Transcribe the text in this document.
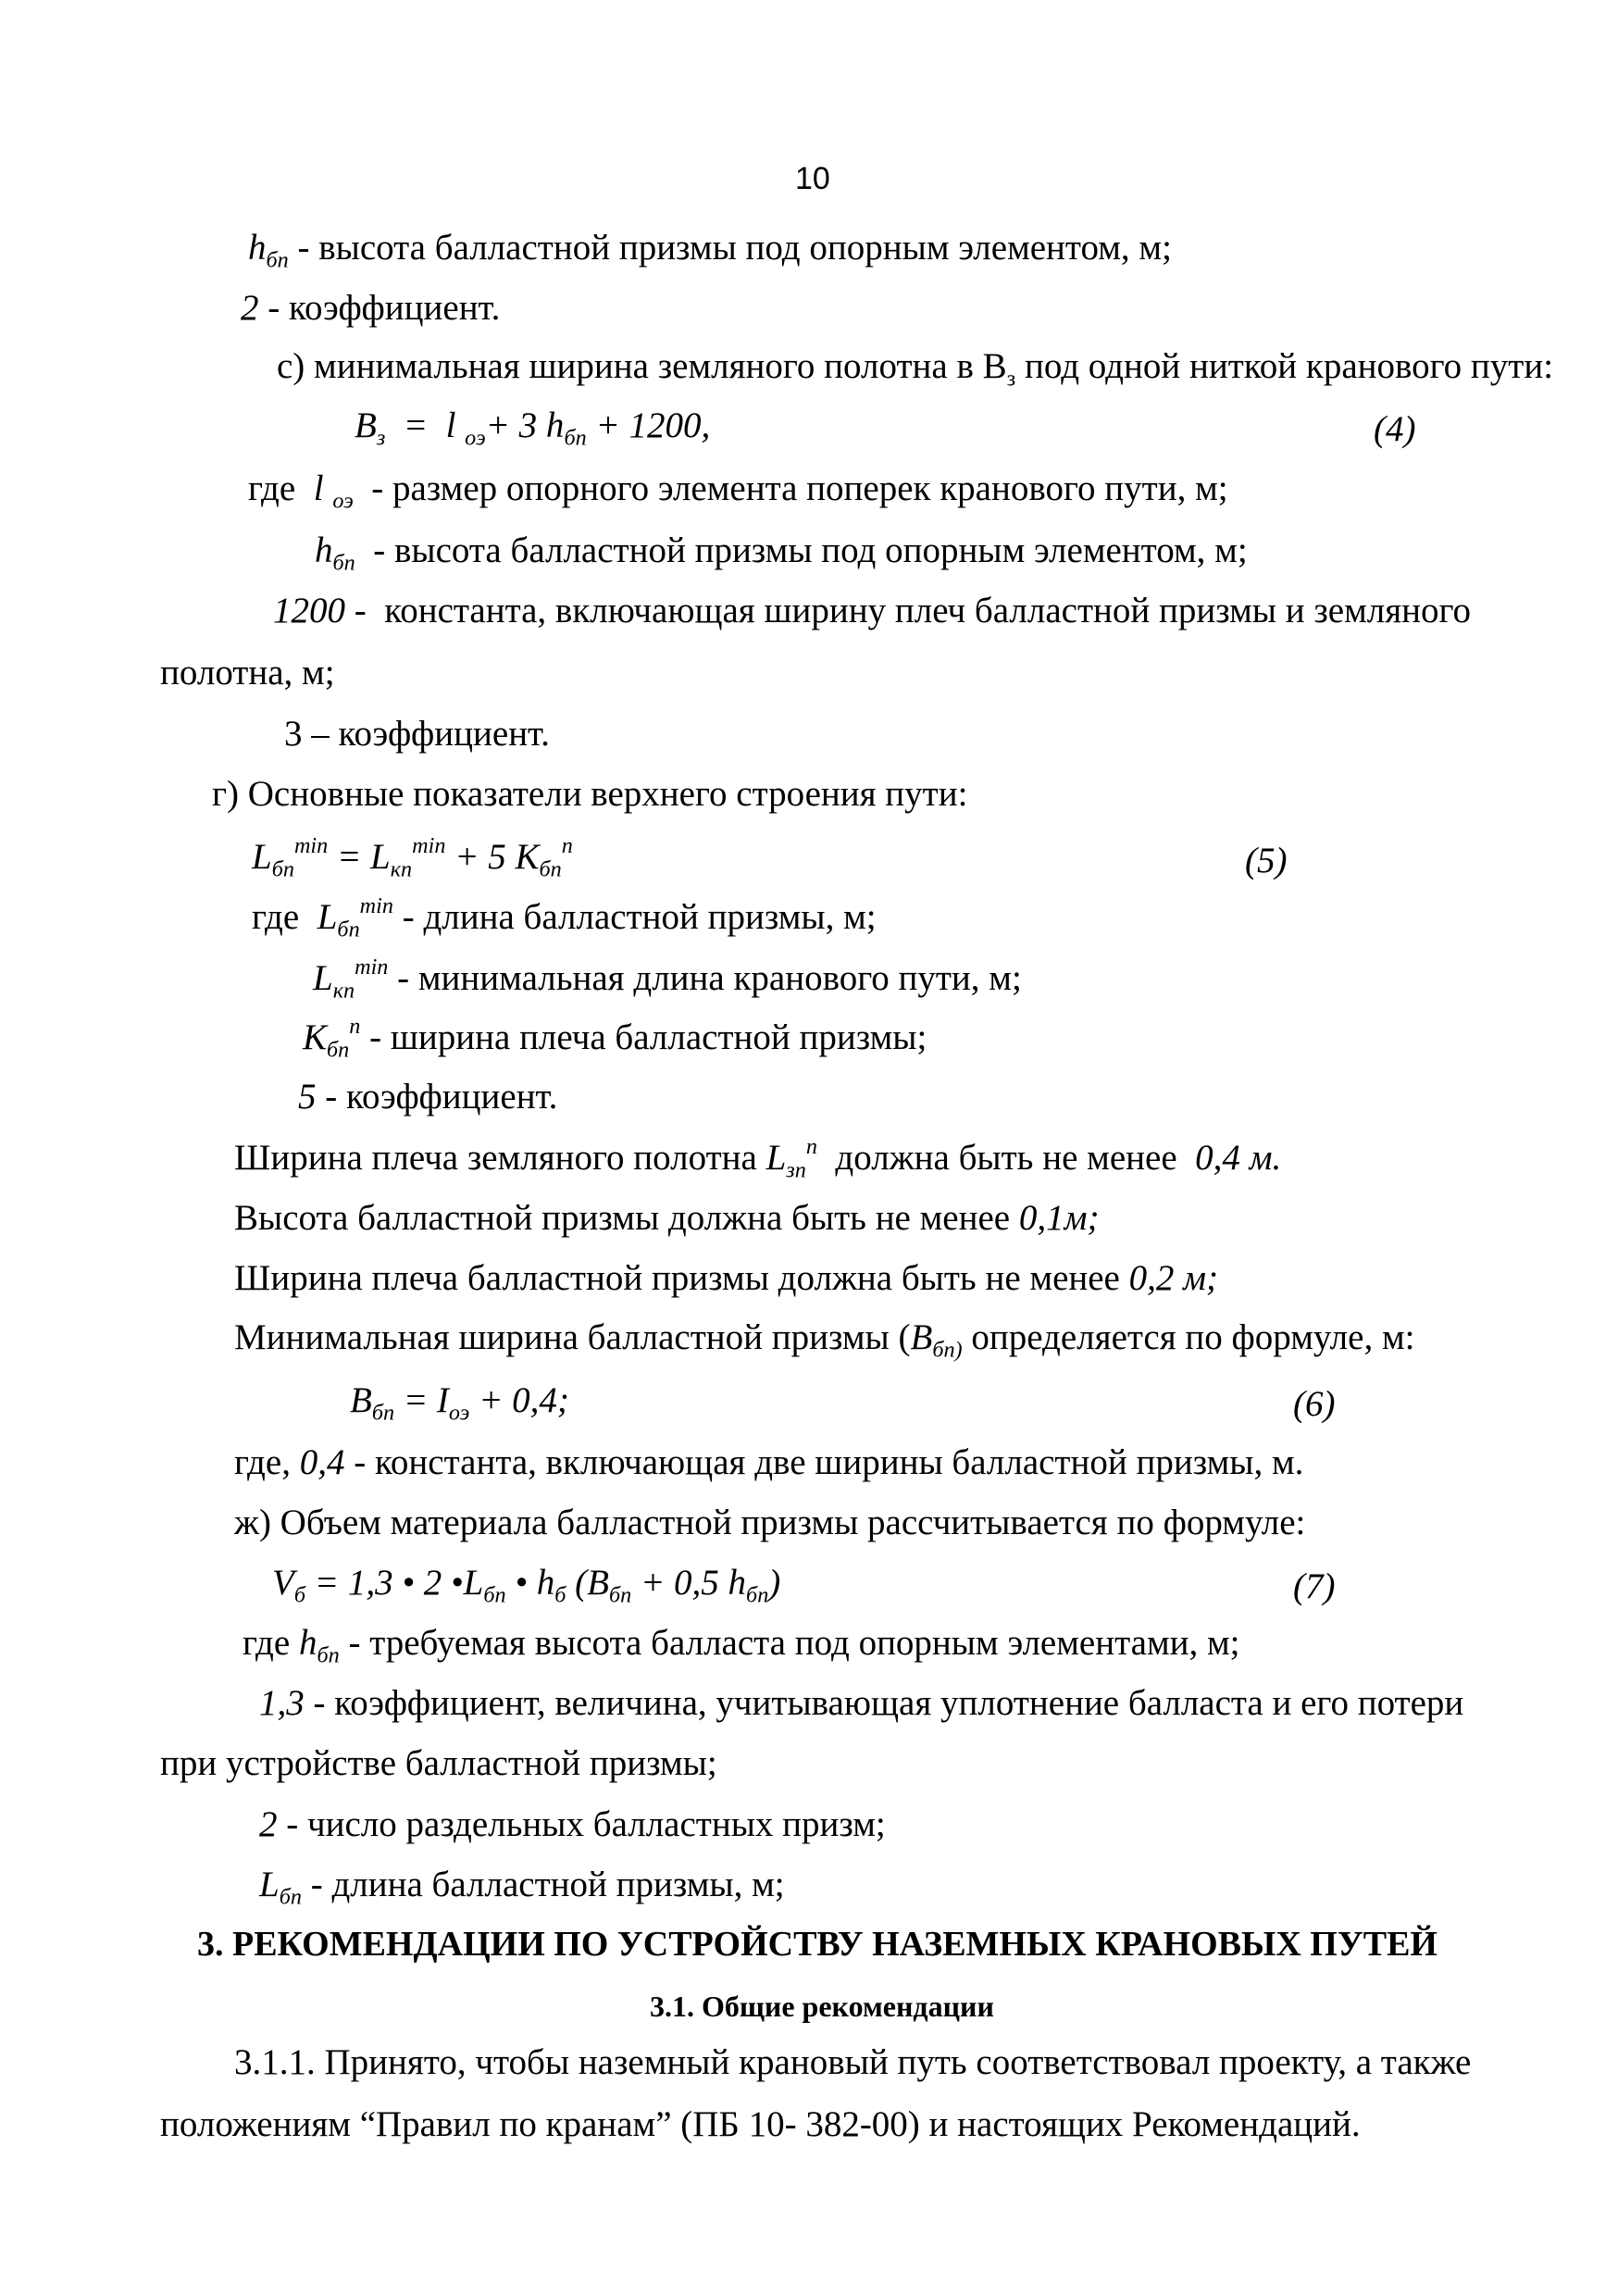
10
$h_{бп}$ - высота балластной призмы под опорным элементом, м;
2 - коэффициент.
с) минимальная ширина земляного полотна в $В_з$ под одной ниткой кранового пути:
$B_з = l$ $_{оэ}$+ 3 $h_{бп} + 1200$,	(4)
где l $_{оэ}$  - размер опорного элемента поперек кранового пути, м;
$h_{бп}$  - высота балластной призмы под опорным элементом, м;
1200 -  константа, включающая ширину плеч балластной призмы и земляного
полотна, м;
3 – коэффициент.
г) Основные показатели верхнего строения пути:
$L_{бп}^{min} = L_{кп}^{min} + 5$ $K_{бп}^п$	(5)
где $L_{бп}^{min}$ - длина балластной призмы, м;
$L_{кп}^{min}$ - минимальная длина кранового пути, м;
$K_{бп}^п$ - ширина плеча балластной призмы;
5 - коэффициент.
Ширина плеча земляного полотна $L_{зп}^п$ должна быть не менее 0,4 м.
Высота балластной призмы должна быть не менее 0,1м;
Ширина плеча балластной призмы должна быть не менее 0,2 м;
Минимальная ширина балластной призмы ($B_{бп)}$ определяется по формуле, м:
$B_{бп} = I_{оэ} + 0,4$;	(6)
где, 0,4 - константа, включающая две ширины балластной призмы, м.
ж) Объем материала балластной призмы рассчитывается по формуле:
$V_б = 1,3$ • 2 $•L_{бп}$ • $h_б$ ($B_{бп} + 0,5$ $h_{бп}$)	(7)
где $h_{бп}$ - требуемая высота балласта под опорным элементами, м;
1,3 - коэффициент, величина, учитывающая уплотнение балласта и его потери
при устройстве балластной призмы;
2 - число раздельных балластных призм;
$L_{бп}$ - длина балластной призмы, м;
3. РЕКОМЕНДАЦИИ ПО УСТРОЙСТВУ НАЗЕМНЫХ КРАНОВЫХ ПУТЕЙ
3.1. Общие рекомендации
3.1.1. Принято, чтобы наземный крановый путь соответствовал проекту, а также
положениям “Правил по кранам” (ПБ 10- 382-00) и настоящих Рекомендаций.
